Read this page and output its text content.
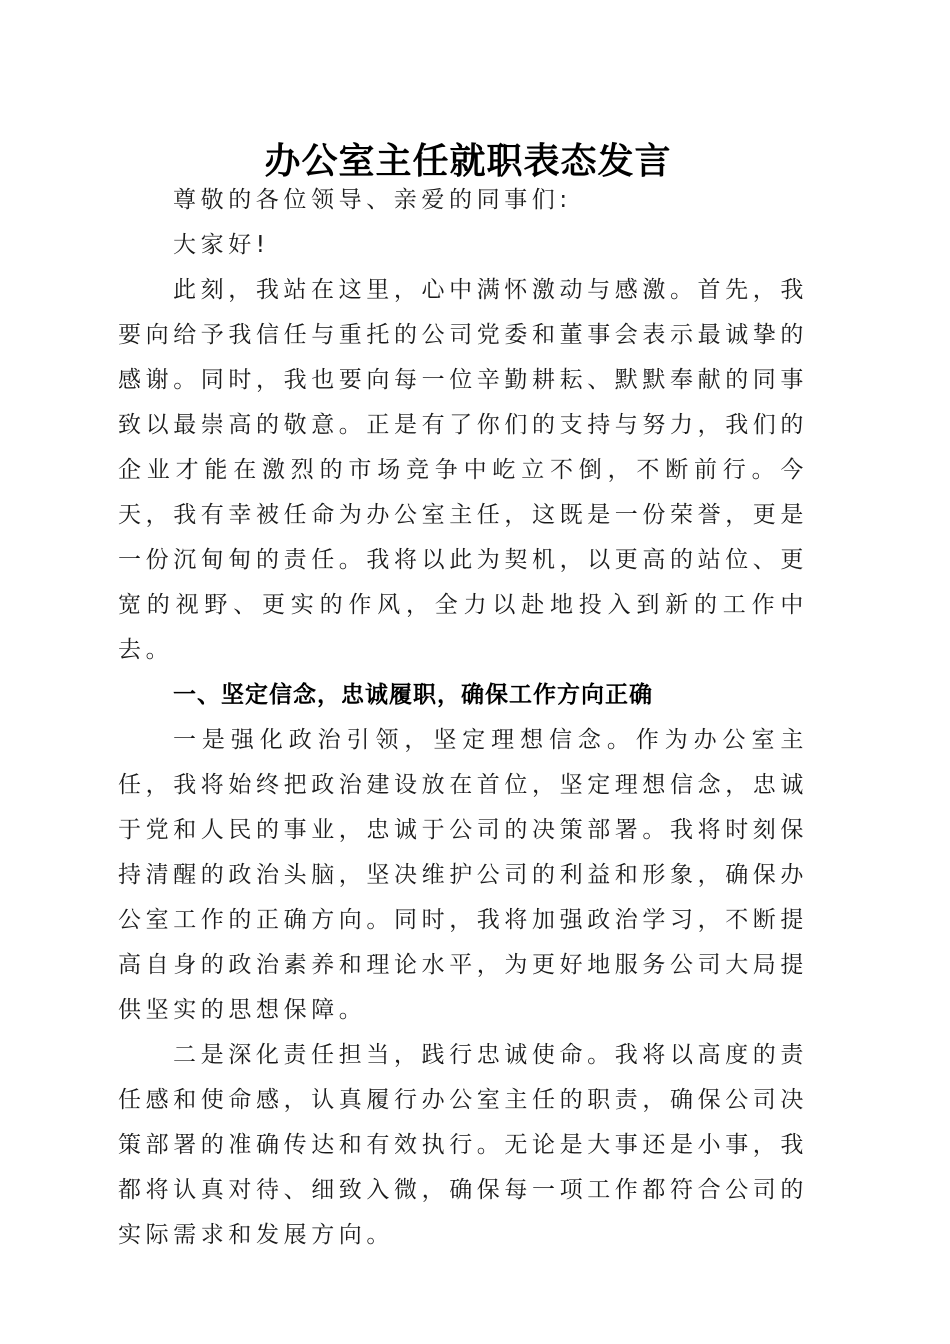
办公室主任就职表态发言

尊敬的各位领导、亲爱的同事们:

大家好!

此刻，我站在这里，心中满怀激动与感激。首先，我要向给予我信任与重托的公司党委和董事会表示最诚挚的感谢。同时，我也要向每一位辛勤耕耘、默默奉献的同事致以最崇高的敬意。正是有了你们的支持与努力，我们的企业才能在激烈的市场竞争中屹立不倒，不断前行。今天，我有幸被任命为办公室主任，这既是一份荣誉，更是一份沉甸甸的责任。我将以此为契机，以更高的站位、更宽的视野、更实的作风，全力以赴地投入到新的工作中去。

一、坚定信念，忠诚履职，确保工作方向正确

一是强化政治引领，坚定理想信念。作为办公室主任，我将始终把政治建设放在首位，坚定理想信念，忠诚于党和人民的事业，忠诚于公司的决策部署。我将时刻保持清醒的政治头脑，坚决维护公司的利益和形象，确保办公室工作的正确方向。同时，我将加强政治学习，不断提高自身的政治素养和理论水平，为更好地服务公司大局提供坚实的思想保障。

二是深化责任担当，践行忠诚使命。我将以高度的责任感和使命感，认真履行办公室主任的职责，确保公司决策部署的准确传达和有效执行。无论是大事还是小事，我都将认真对待、细致入微，确保每一项工作都符合公司的实际需求和发展方向。
